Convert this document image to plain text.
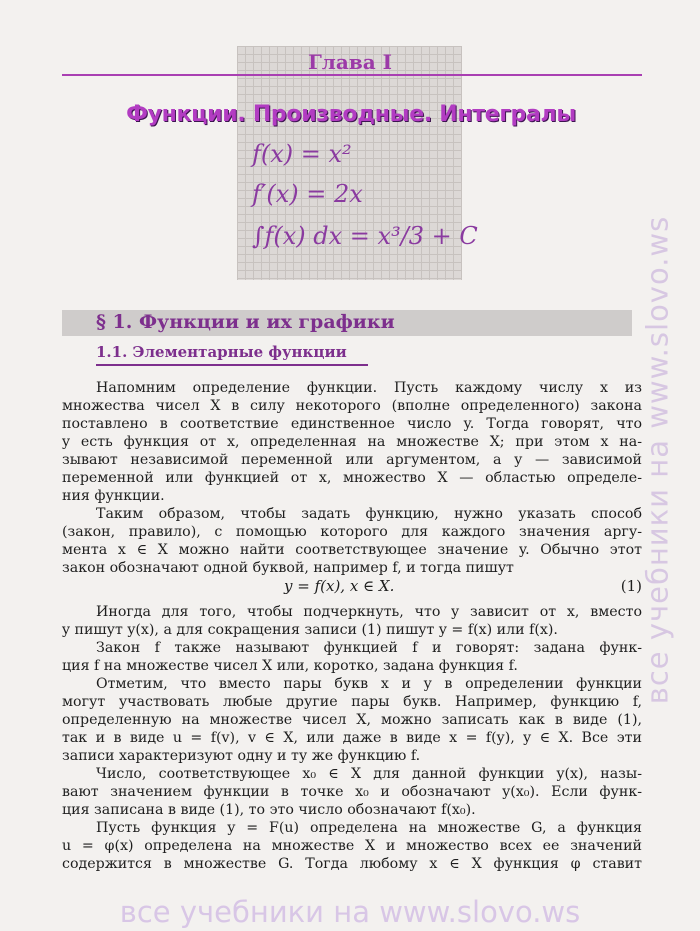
все учебники на www.slovo.ws
Глава I
Функции. Производные. Интегралы
f(x) = x²
f′(x) = 2x
∫f(x) dx = x³/3 + C
§ 1. Функции и их графики
1.1. Элементарные функции
Напомним определение функции. Пусть каждому числу x из
множества чисел X в силу некоторого (вполне определенного) закона
поставлено в соответствие единственное число y. Тогда говорят, что
y есть функция от x, определенная на множестве X; при этом x на-
зывают независимой переменной или аргументом, а y — зависимой
переменной или функцией от x, множество X — областью определе-
ния функции.
Таким образом, чтобы задать функцию, нужно указать способ
(закон, правило), с помощью которого для каждого значения аргу-
мента x ∈ X можно найти соответствующее значение y. Обычно этот
закон обозначают одной буквой, например f, и тогда пишут
y = f(x), x ∈ X.	(1)
Иногда для того, чтобы подчеркнуть, что y зависит от x, вместо
y пишут y(x), а для сокращения записи (1) пишут y = f(x) или f(x).
Закон f также называют функцией f и говорят: задана функ-
ция f на множестве чисел X или, коротко, задана функция f.
Отметим, что вместо пары букв x и y в определении функции
могут участвовать любые другие пары букв. Например, функцию f,
определенную на множестве чисел X, можно записать как в виде (1),
так и в виде u = f(v), v ∈ X, или даже в виде x = f(y), y ∈ X. Все эти
записи характеризуют одну и ту же функцию f.
Число, соответствующее x₀ ∈ X для данной функции y(x), назы-
вают значением функции в точке x₀ и обозначают y(x₀). Если функ-
ция записана в виде (1), то это число обозначают f(x₀).
Пусть функция y = F(u) определена на множестве G, а функция
u = φ(x) определена на множестве X и множество всех ее значений
содержится в множестве G. Тогда любому x ∈ X функция φ ставит
все учебники на www.slovo.ws
